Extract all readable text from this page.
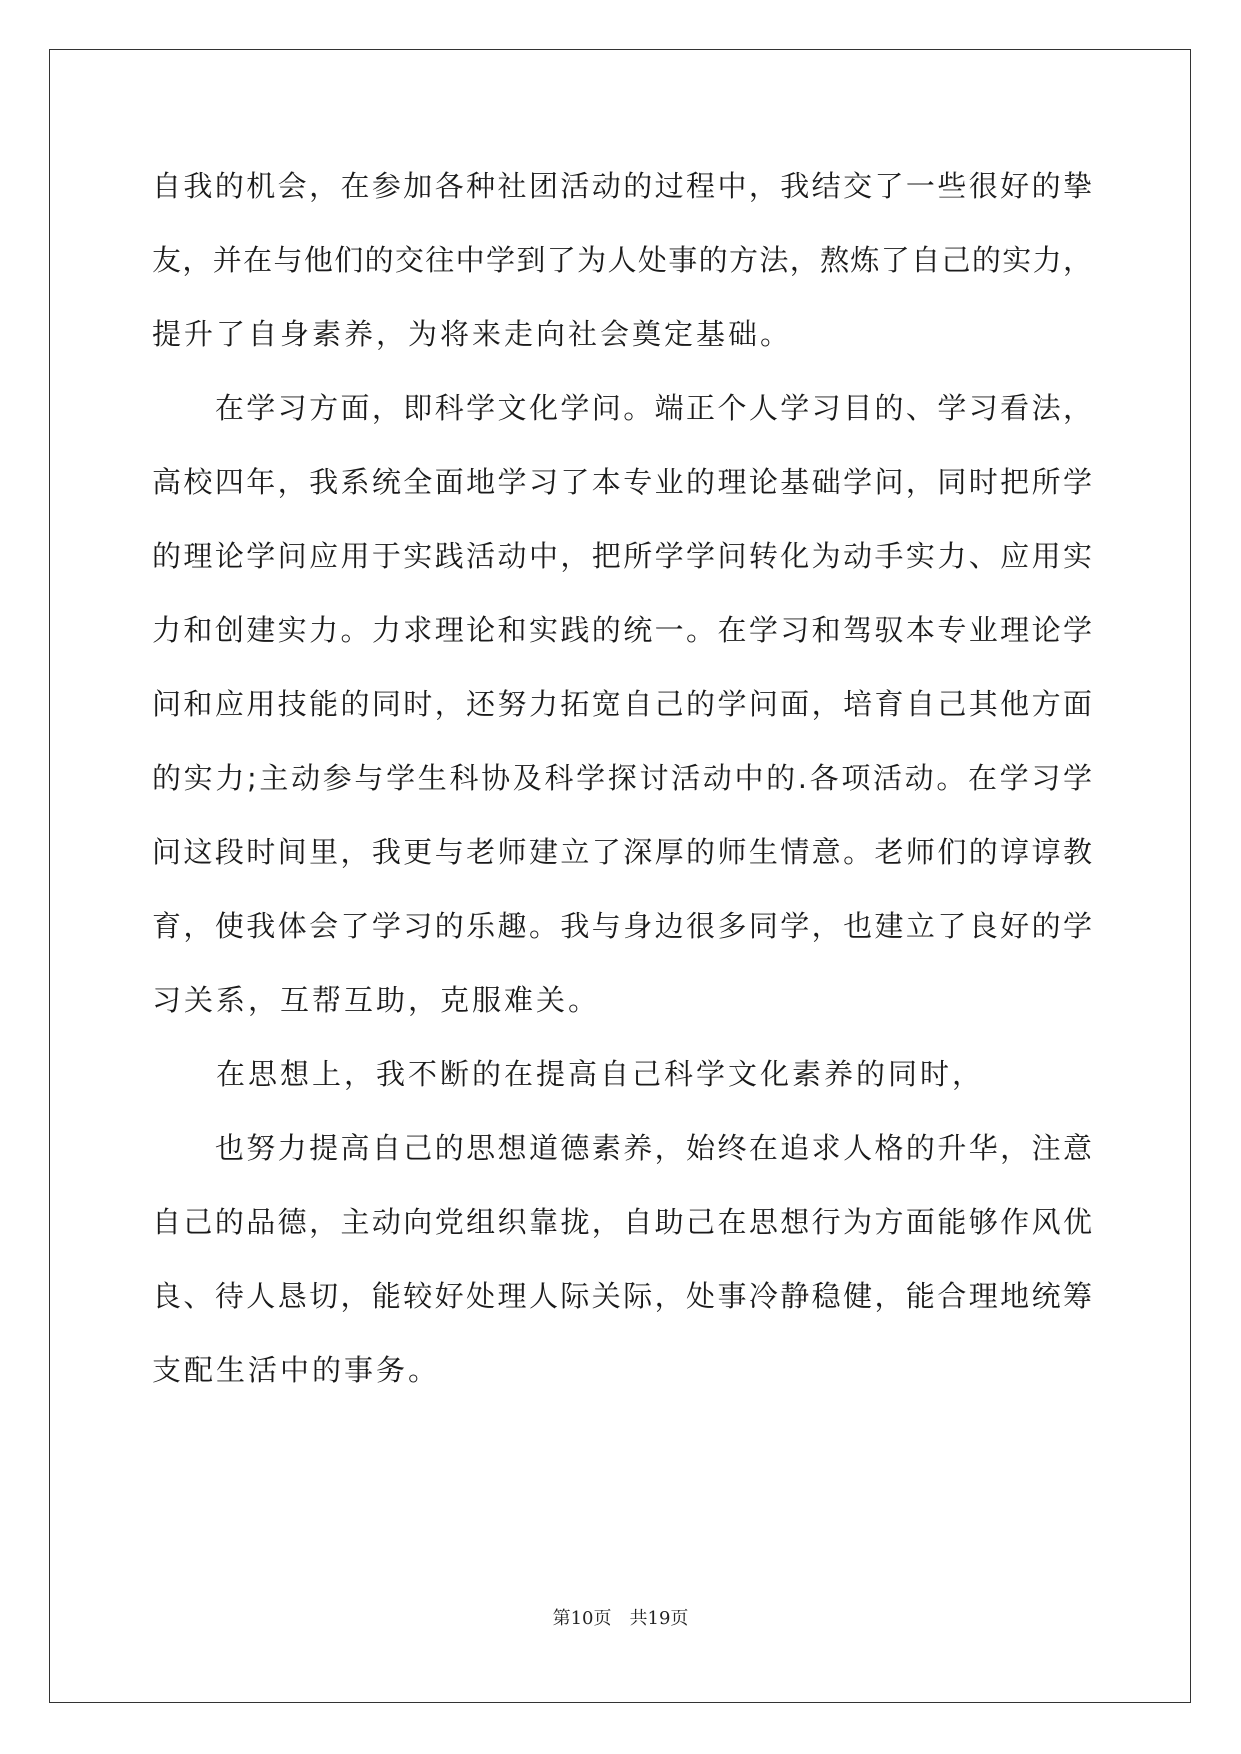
自我的机会，在参加各种社团活动的过程中，我结交了一些很好的挚
友，并在与他们的交往中学到了为人处事的方法，熬炼了自己的实力，
提升了自身素养，为将来走向社会奠定基础。
　　在学习方面，即科学文化学问。端正个人学习目的、学习看法，
高校四年，我系统全面地学习了本专业的理论基础学问，同时把所学
的理论学问应用于实践活动中，把所学学问转化为动手实力、应用实
力和创建实力。力求理论和实践的统一。在学习和驾驭本专业理论学
问和应用技能的同时，还努力拓宽自己的学问面，培育自己其他方面
的实力;主动参与学生科协及科学探讨活动中的.各项活动。在学习学
问这段时间里，我更与老师建立了深厚的师生情意。老师们的谆谆教
育，使我体会了学习的乐趣。我与身边很多同学，也建立了良好的学
习关系，互帮互助，克服难关。
　　在思想上，我不断的在提高自己科学文化素养的同时，
　　也努力提高自己的思想道德素养，始终在追求人格的升华，注意
自己的品德，主动向党组织靠拢，自助己在思想行为方面能够作风优
良、待人恳切，能较好处理人际关际，处事冷静稳健，能合理地统筹
支配生活中的事务。
第10页　共19页
